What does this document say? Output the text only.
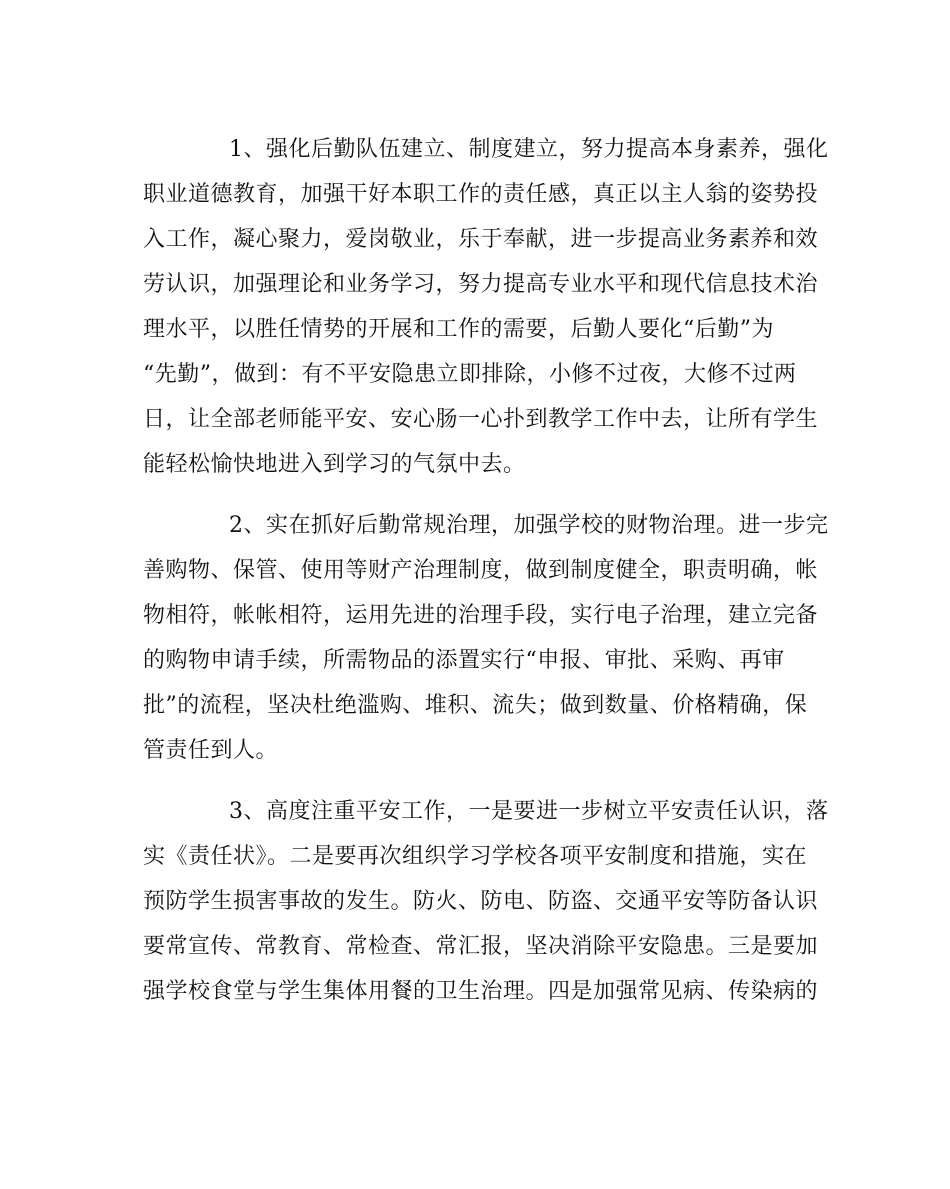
1、强化后勤队伍建立、制度建立，努力提高本身素养，强化
职业道德教育，加强干好本职工作的责任感，真正以主人翁的姿势投
入工作，凝心聚力，爱岗敬业，乐于奉献，进一步提高业务素养和效
劳认识，加强理论和业务学习，努力提高专业水平和现代信息技术治
理水平，以胜任情势的开展和工作的需要，后勤人要化“后勤”为
“先勤”，做到：有不平安隐患立即排除，小修不过夜，大修不过两
日，让全部老师能平安、安心肠一心扑到教学工作中去，让所有学生
能轻松愉快地进入到学习的气氛中去。
2、实在抓好后勤常规治理，加强学校的财物治理。进一步完
善购物、保管、使用等财产治理制度，做到制度健全，职责明确，帐
物相符，帐帐相符，运用先进的治理手段，实行电子治理，建立完备
的购物申请手续，所需物品的添置实行“申报、审批、采购、再审
批”的流程，坚决杜绝滥购、堆积、流失；做到数量、价格精确，保
管责任到人。
3、高度注重平安工作，一是要进一步树立平安责任认识，落
实《责任状》。二是要再次组织学习学校各项平安制度和措施，实在
预防学生损害事故的发生。防火、防电、防盗、交通平安等防备认识
要常宣传、常教育、常检查、常汇报，坚决消除平安隐患。三是要加
强学校食堂与学生集体用餐的卫生治理。四是加强常见病、传染病的
